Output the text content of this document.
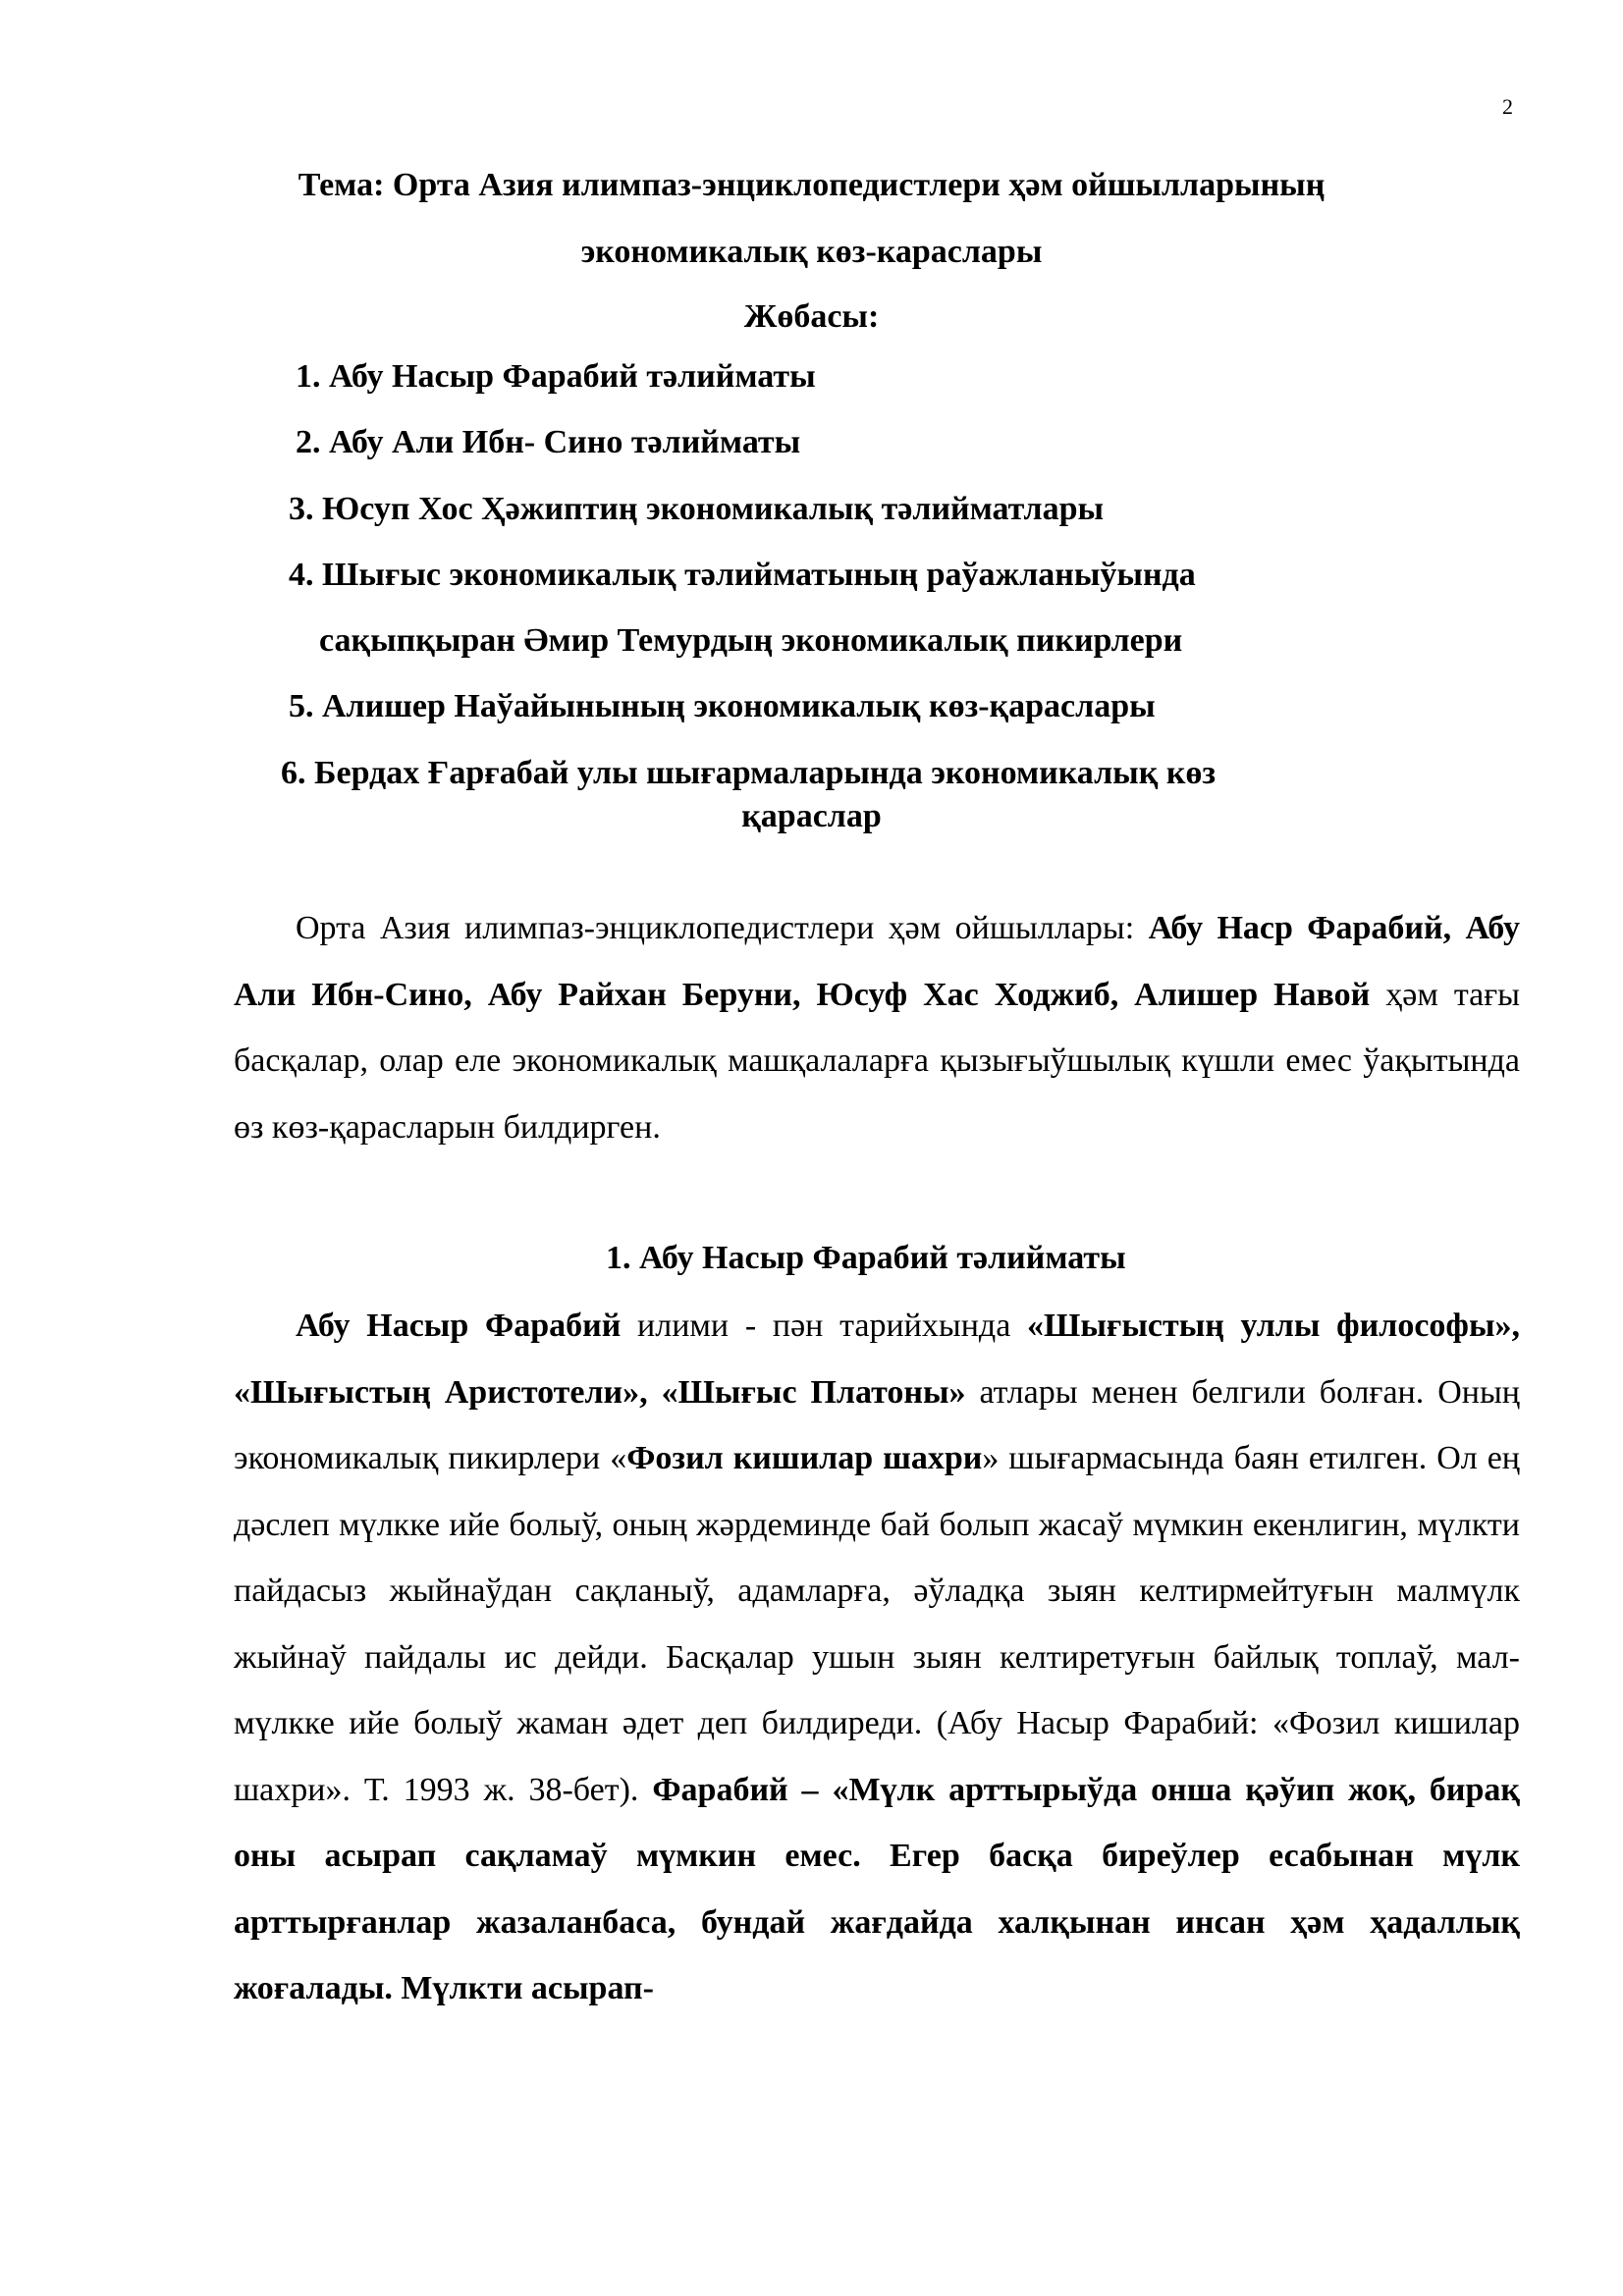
2
Тема: Орта Азия илимпаз-энциклопедистлери ҳәм ойшылларының
экономикалық көз-караслары
Жөбасы:
1. Абу Насыр Фарабий тәлийматы
2. Абу Али Ибн- Сино тәлийматы
3. Юсуп Хос Ҳәжиптиң экономикалық тәлийматлары
4. Шығыс экономикалық тәлийматының раўажланыўында
сақыпқыран Әмир Темурдың экономикалық пикирлери
5. Алишер Наўайынының экономикалық көз-қараслары
6. Бердах Ғарғабай улы шығармаларында экономикалық көз
қараслар
Орта Азия илимпаз-энциклопедистлери ҳәм ойшыллары: Абу Наср Фарабий, Абу Али Ибн-Сино, Абу Райхан Беруни, Юсуф Хас Ходжиб, Алишер Навой ҳәм тағы басқалар, олар еле экономикалық машқалаларға қызығыўшылық күшли емес ўақытында өз көз-қарасларын билдирген.
1. Абу Насыр Фарабий тәлийматы
Абу Насыр Фарабий илими - пән тарийхында «Шығыстың уллы философы», «Шығыстың Аристотели», «Шығыс Платоны» атлары менен белгили болған. Оның экономикалық пикирлери «Фозил кишилар шахри» шығармасында баян етилген. Ол ең дәслеп мүлкке ийе болыў, оның жәрдеминде бай болып жасаў мүмкин екенлигин, мүлкти пайдасыз жыйнаўдан сақланыў, адамларға, әўладқа зыян келтирмейтуғын малмүлк жыйнаў пайдалы ис дейди. Басқалар ушын зыян келтиретуғын байлық топлаў, мал-мүлкке ийе болыў жаман әдет деп билдиреди. (Абу Насыр Фарабий: «Фозил кишилар шахри». Т. 1993 ж. 38-бет). Фарабий – «Мүлк арттырыўда онша қәўип жоқ, бирақ оны асырап сақламаў мүмкин емес. Егер басқа биреўлер есабынан мүлк арттырғанлар жазаланбаса, бундай жағдайда халқынан инсан ҳәм ҳадаллық жоғалады. Мүлкти асырап-
